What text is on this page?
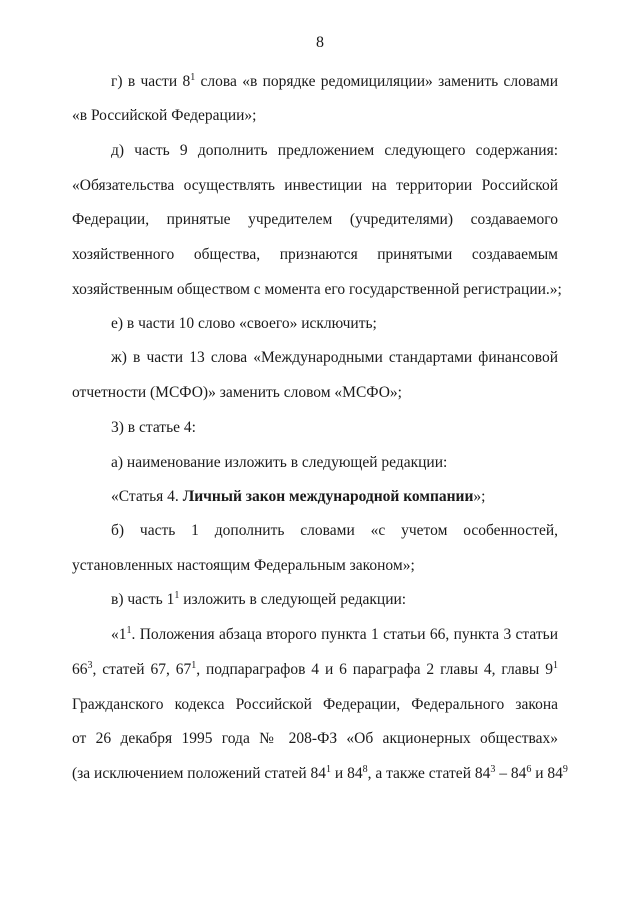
8
г) в части $8^1$ слова «в порядке редомициляции» заменить словами
«в Российской Федерации»;
д) часть 9 дополнить предложением следующего содержания:
«Обязательства осуществлять инвестиции на территории Российской
Федерации, принятые учредителем (учредителями) создаваемого
хозяйственного общества, признаются принятыми создаваемым
хозяйственным обществом с момента его государственной регистрации.»;
е) в части 10 слово «своего» исключить;
ж) в части 13 слова «Международными стандартами финансовой
отчетности (МСФО)» заменить словом «МСФО»;
3) в статье 4:
а) наименование изложить в следующей редакции:
«Статья 4. Личный закон международной компании»;
б) часть 1 дополнить словами «с учетом особенностей,
установленных настоящим Федеральным законом»;
в) часть $1^1$ изложить в следующей редакции:
«$1^1$. Положения абзаца второго пункта 1 статьи 66, пункта 3 статьи
$66^3$, статей 67, $67^1$, подпараграфов 4 и 6 параграфа 2 главы 4, главы $9^1$
Гражданского кодекса Российской Федерации, Федерального закона
от 26 декабря 1995 года № 208-ФЗ «Об акционерных обществах»
(за исключением положений статей $84^1$ и $84^8$, а также статей $84^3 - 84^6$ и $84^9$
